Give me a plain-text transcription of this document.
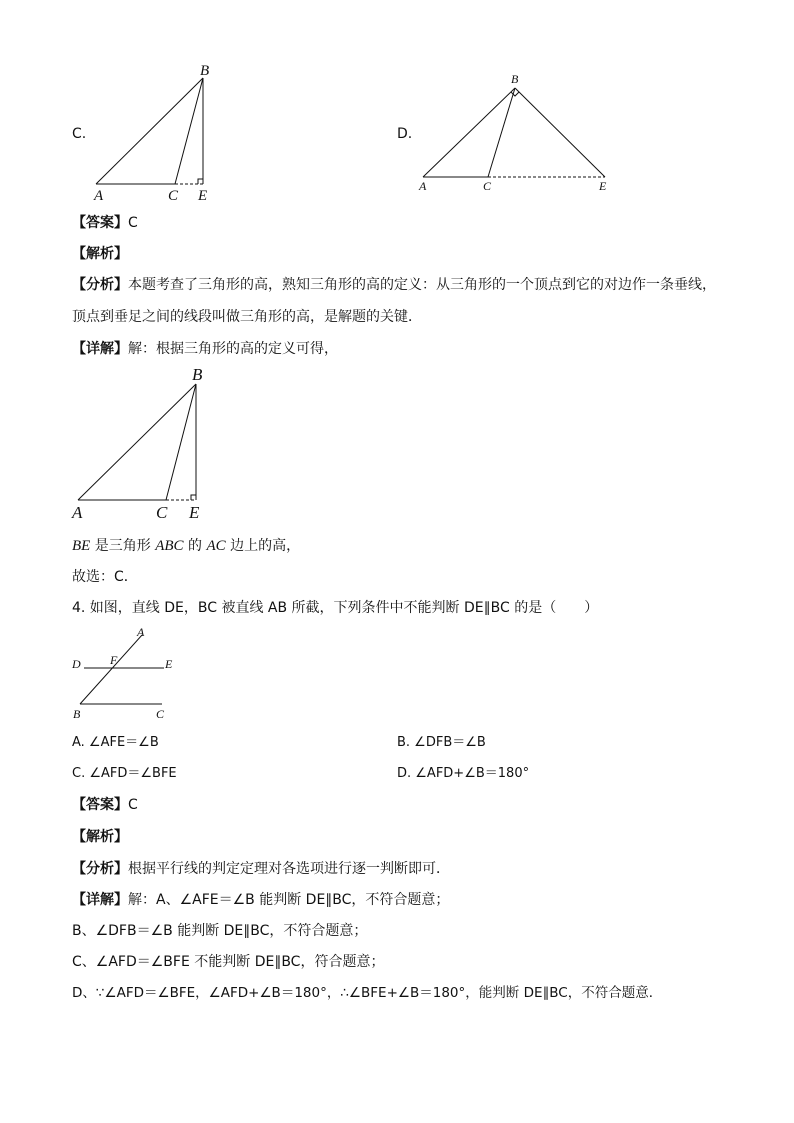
C.
B
A	C E
D.
B
A	C	E
【答案】C
【解析】
【分析】本题考查了三角形的高，熟知三角形的高的定义：从三角形的一个顶点到它的对边作一条垂线，
顶点到垂足之间的线段叫做三角形的高，是解题的关键．
【详解】解：根据三角形的高的定义可得，
B
A	C E
BE 是三角形 ABC 的 AC 边上的高，
故选：C．
4. 如图，直线 DE，BC 被直线 AB 所截，下列条件中不能判断 DE∥BC 的是（　　）
A
D F	E
B	C
A. ∠AFE＝∠B	B. ∠DFB＝∠B
C. ∠AFD＝∠BFE	D. ∠AFD+∠B＝180°
【答案】C
【解析】
【分析】根据平行线的判定定理对各选项进行逐一判断即可．
【详解】解：A、∠AFE＝∠B 能判断 DE∥BC，不符合题意；
B、∠DFB＝∠B 能判断 DE∥BC，不符合题意；
C、∠AFD＝∠BFE 不能判断 DE∥BC，符合题意；
D、∵∠AFD＝∠BFE，∠AFD+∠B＝180°，∴∠BFE+∠B＝180°，能判断 DE∥BC，不符合题意．
